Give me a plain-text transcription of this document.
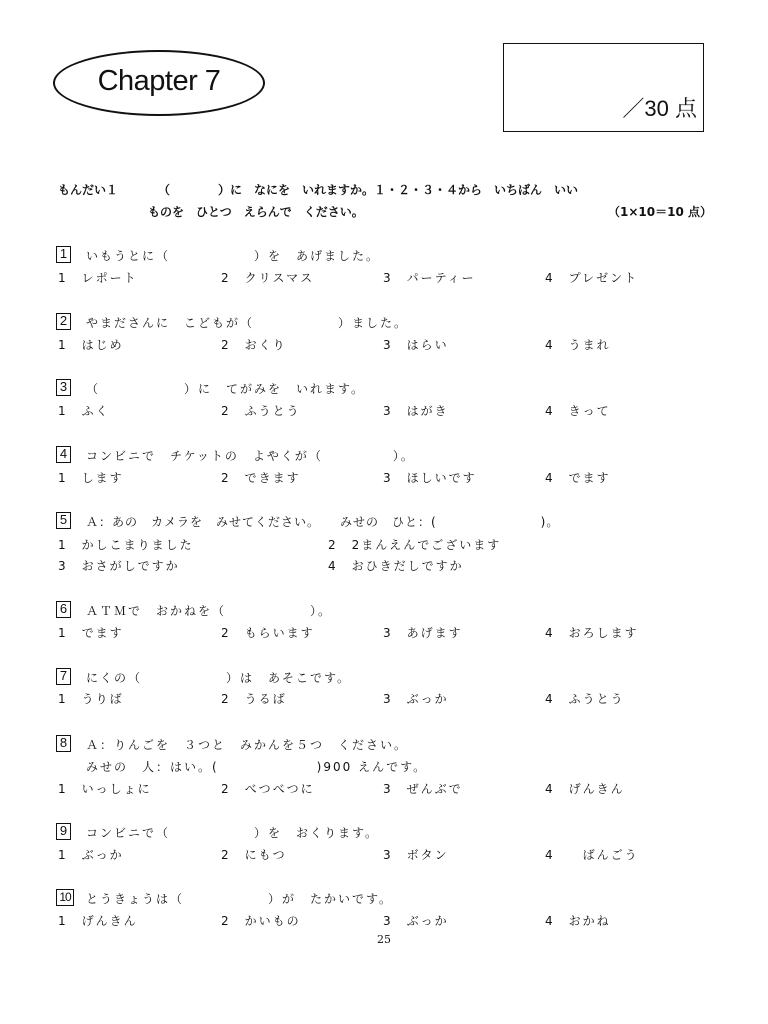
Chapter 7
／30 点
もんだい１	（　　　　）に　なにを　いれますか。１・２・３・４から　いちばん　いい
ものを　ひとつ　えらんで　ください。	（1×10＝10 点）
1	いもうとに（　　　　　　）を　あげました。
1　レポート	2　クリスマス	3　パーティー	4　プレゼント
2	やまださんに　こどもが（　　　　　　）ました。
1　はじめ	2　おくり	3　はらい	4　うまれ
3	（　　　　　　）に　てがみを　いれます。
1　ふく	2　ふうとう	3　はがき	4　きって
4	コンビニで　チケットの　よやくが（　　　　　）。
1　します	2　できます	3　ほしいです	4　でます
5	Ａ：あの　カメラを　みせてください。　　みせの　ひと：(　　　　　　　　)。
1　かしこまりました	2　2まんえんでございます
3　おさがしですか	4　おひきだしですか
6	ＡＴＭで　おかねを（　　　　　　）。
1　でます	2　もらいます	3　あげます	4　おろします
7	にくの（　　　　　　）は　あそこです。
1　うりば	2　うるば	3　ぶっか	4　ふうとう
8	Ａ：りんごを　３つと　みかんを５つ　ください。
みせの　人：はい。(　　　　　　　)900 えんです。
1　いっしょに	2　べつべつに	3　ぜんぶで	4　げんきん
9	コンビニで（　　　　　　）を　おくります。
1　ぶっか	2　にもつ	3　ボタン	4　　ばんごう
10 とうきょうは（　　　　　　）が　たかいです。
1　げんきん	2　かいもの	3　ぶっか	4　おかね
25
